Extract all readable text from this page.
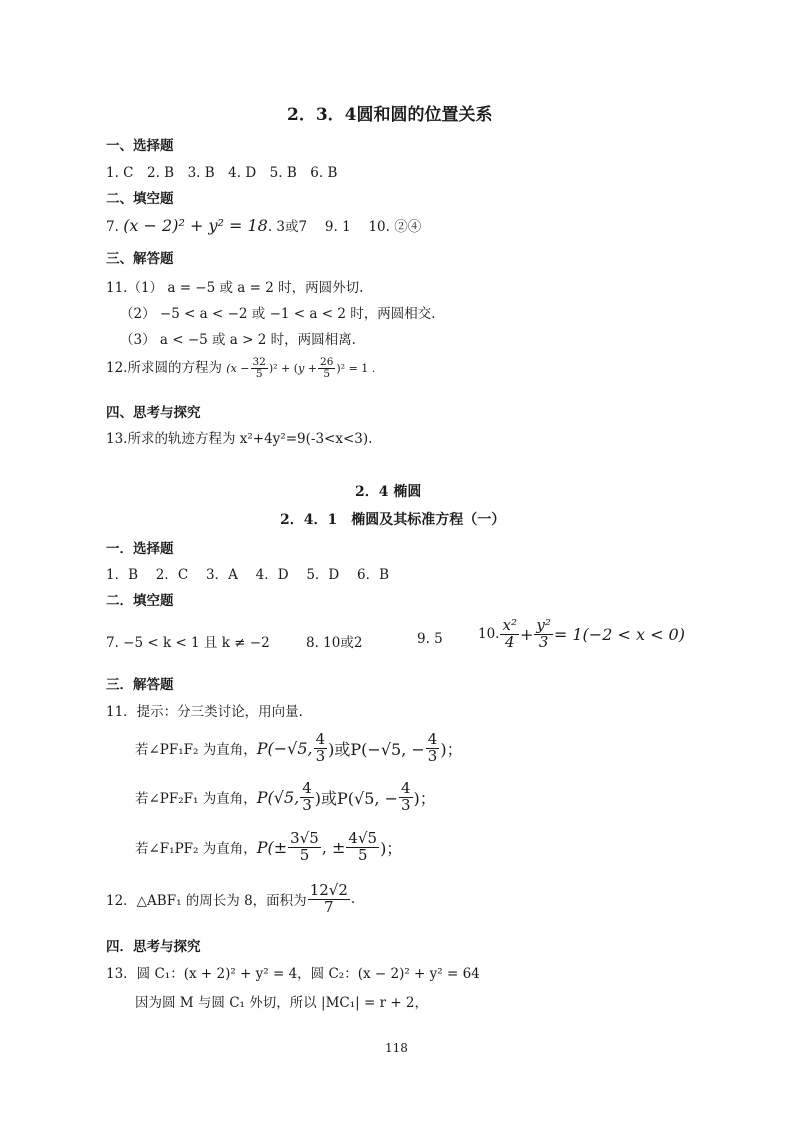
2．3．4圆和圆的位置关系
一、选择题
1. C　2. B　3. B　4. D　5. B　6. B
二、填空题
7. (x − 2)² + y² = 18. 3或7　 9. 1　 10. ②④
三、解答题
11.（1） a = −5 或 a = 2 时，两圆外切.
（2） −5 < a < −2 或 −1 < a < 2 时，两圆相交.
（3） a < −5 或 a > 2 时，两圆相离.
12.所求圆的方程为 $(x - \frac{32}{5} )^2 + (y + \frac{26}{5} )^2 = 1$ .
四、思考与探究
13.所求的轨迹方程为 x²+4y²=9(-3<x<3).
2．4 椭圆
2．4．1　椭圆及其标准方程（一）
一．选择题
1．B　 2．C　 3．A　 4．D　 5．D　 6．B
二．填空题
7. −5 < k < 1 且 k ≠ −2	8. 10或2	9. 5	10. $\frac{\text{x²}}{4} + \frac{\text{y²}}{3} = 1(-2 < x < 0)$
三．解答题
11．提示：分三类讨论，用向量.
若∠PF₁F₂ 为直角， P(−√5, $\frac{4}{3}$ )或P(−√5, − $\frac{4}{3}$ )；
若∠PF₂F₁ 为直角， P(√5, $\frac{4}{3}$ )或P(√5, − $\frac{4}{3}$ )；
若∠F₁PF₂ 为直角， $P(\pm \frac{3√5}{5}$ , ± $\frac{4√5}{5}$ )；
12．△ABF₁ 的周长为 8，面积为 $\frac{12√2}{7}$ .
四．思考与探究
13．圆 C₁：(x + 2)² + y² = 4，圆 C₂：(x − 2)² + y² = 64
因为圆 M 与圆 C₁ 外切，所以 |MC₁| = r + 2，
118
